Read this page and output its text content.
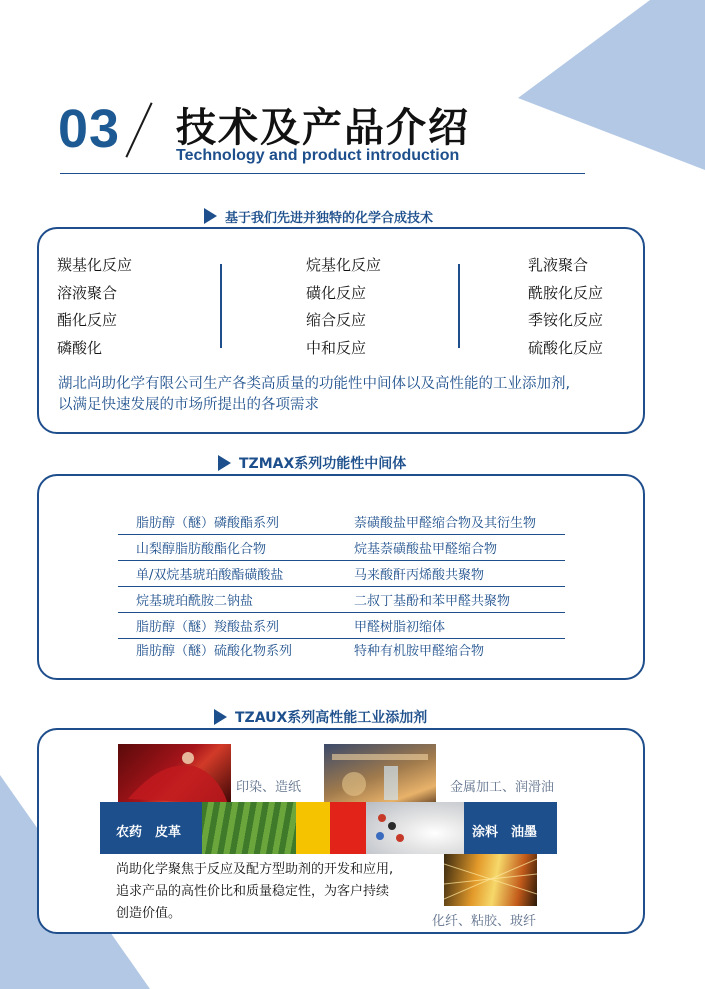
03 技术及产品介绍
Technology and product introduction
基于我们先进并独特的化学合成技术
羰基化反应
溶液聚合
酯化反应
磷酸化
烷基化反应
磺化反应
缩合反应
中和反应
乳液聚合
酰胺化反应
季铵化反应
硫酸化反应
湖北尚助化学有限公司生产各类高质量的功能性中间体以及高性能的工业添加剂,
以满足快速发展的市场所提出的各项需求
TZMAX系列功能性中间体
脂肪醇（醚）磷酸酯系列	萘磺酸盐甲醛缩合物及其衍生物
山梨醇脂肪酸酯化合物	烷基萘磺酸盐甲醛缩合物
单/双烷基琥珀酸酯磺酸盐	马来酸酐丙烯酸共聚物
烷基琥珀酰胺二钠盐	二叔丁基酚和苯甲醛共聚物
脂肪醇（醚）羧酸盐系列	甲醛树脂初缩体
脂肪醇（醚）硫酸化物系列	特种有机胺甲醛缩合物
TZAUX系列高性能工业添加剂
印染、造纸	金属加工、润滑油
农药　皮革	涂料　油墨
化纤、粘胶、玻纤
尚助化学聚焦于反应及配方型助剂的开发和应用,
追求产品的高性价比和质量稳定性，为客户持续
创造价值。
